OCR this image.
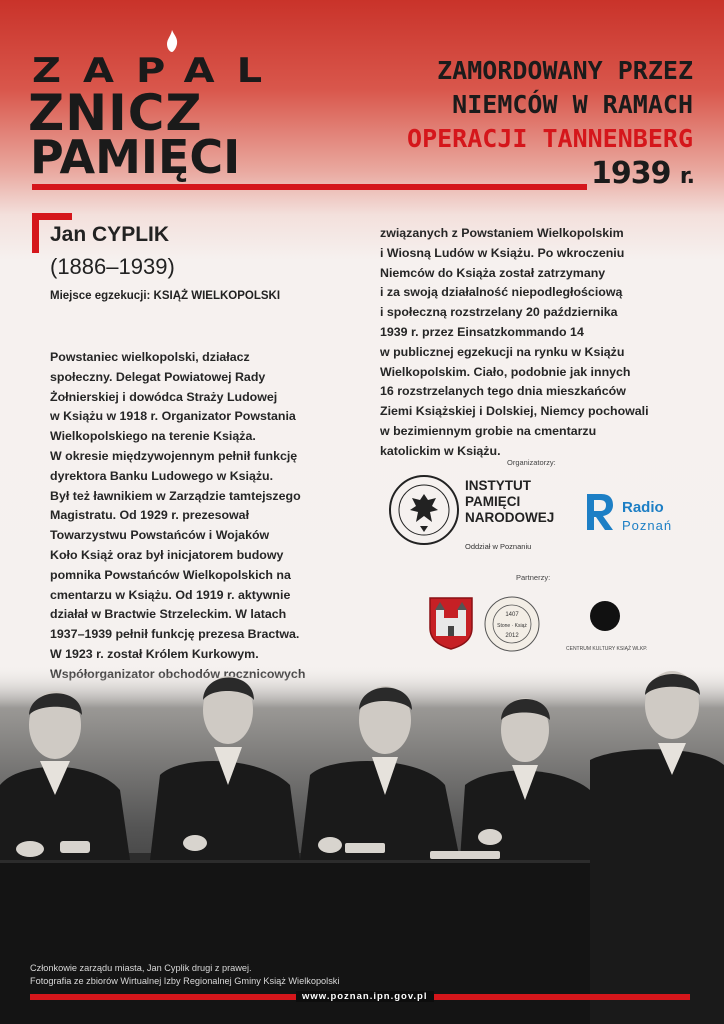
ZAPAL
ZNICZ
PAMIĘCI
ZAMORDOWANY PRZEZ
NIEMCÓW W RAMACH
OPERACJI TANNENBERG
1939 r.
Jan CYPLIK
(1886–1939)
Miejsce egzekucji: KSIĄŻ WIELKOPOLSKI
Powstaniec wielkopolski, działacz
społeczny. Delegat Powiatowej Rady
Żołnierskiej i dowódca Straży Ludowej
w Książu w 1918 r. Organizator Powstania
Wielkopolskiego na terenie Książa.
W okresie międzywojennym pełnił funkcję
dyrektora Banku Ludowego w Książu.
Był też ławnikiem w Zarządzie tamtejszego
Magistratu. Od 1929 r. prezesował
Towarzystwu Powstańców i Wojaków
Koło Książ oraz był inicjatorem budowy
pomnika Powstańców Wielkopolskich na
cmentarzu w Książu. Od 1919 r. aktywnie
działał w Bractwie Strzeleckim. W latach
1937–1939 pełnił funkcję prezesa Bractwa.
W 1923 r. został Królem Kurkowym.
związanych z Powstaniem Wielkopolskim
i Wiosną Ludów w Książu. Po wkroczeniu
Niemców do Książa został zatrzymany
i za swoją działalność niepodległościową
i społeczną rozstrzelany 20 października
1939 r. przez Einsatzkommando 14
w publicznej egzekucji na rynku w Książu
Wielkopolskim. Ciało, podobnie jak innych
16 rozstrzelanych tego dnia mieszkańców
Ziemi Książskiej i Dolskiej, Niemcy pochowali
w bezimiennym grobie na cmentarzu
katolickim w Książu.
Organizatorzy:
INSTYTUT
PAMIĘCI
NARODOWEJ
Oddział w Poznaniu
Radio
Poznań
Partnerzy:
1407
Stone · Książ
2012
CENTRUM KULTURY KSIĄŻ WLKP.
Członkowie zarządu miasta, Jan Cyplik drugi z prawej.
Fotografia ze zbiorów Wirtualnej Izby Regionalnej Gminy Książ Wielkopolski
www.poznan.ipn.gov.pl
